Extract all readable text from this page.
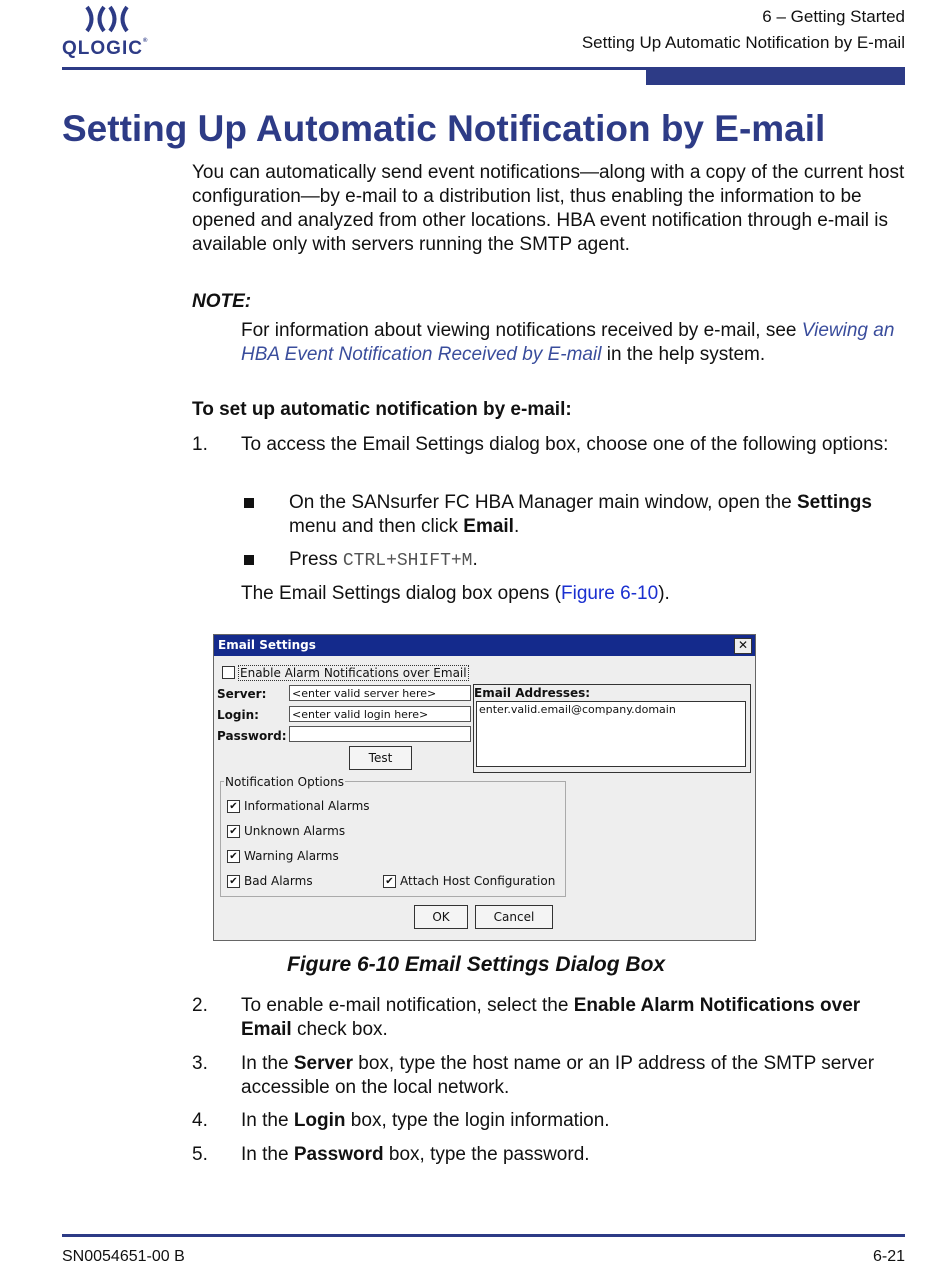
QLOGIC®
6 – Getting Started
Setting Up Automatic Notification by E-mail
Setting Up Automatic Notification by E-mail

You can automatically send event notifications—along with a copy of the current host configuration—by e-mail to a distribution list, thus enabling the information to be opened and analyzed from other locations. HBA event notification through e-mail is available only with servers running the SMTP agent.

NOTE:

For information about viewing notifications received by e-mail, see Viewing an HBA Event Notification Received by E-mail in the help system.

To set up automatic notification by e-mail:
1. To access the Email Settings dialog box, choose one of the following options:
On the SANsurfer FC HBA Manager main window, open the Settings menu and then click Email.
Press CTRL+SHIFT+M.
The Email Settings dialog box opens (Figure 6-10).
Email Settings	✕
Enable Alarm Notifications over Email
Server: <enter valid server here>
Login:	<enter valid login here>
Password:
Test
Email Addresses:
enter.valid.email@company.domain
Notification Options
✔ Informational Alarms
✔ Unknown Alarms
✔ Warning Alarms
✔ Bad Alarms	✔ Attach Host Configuration
OK	Cancel
Figure 6-10 Email Settings Dialog Box
2. To enable e-mail notification, select the Enable Alarm Notifications over Email check box.
3. In the Server box, type the host name or an IP address of the SMTP server accessible on the local network.
4. In the Login box, type the login information.
5. In the Password box, type the password.
SN0054651-00 B	6-21
